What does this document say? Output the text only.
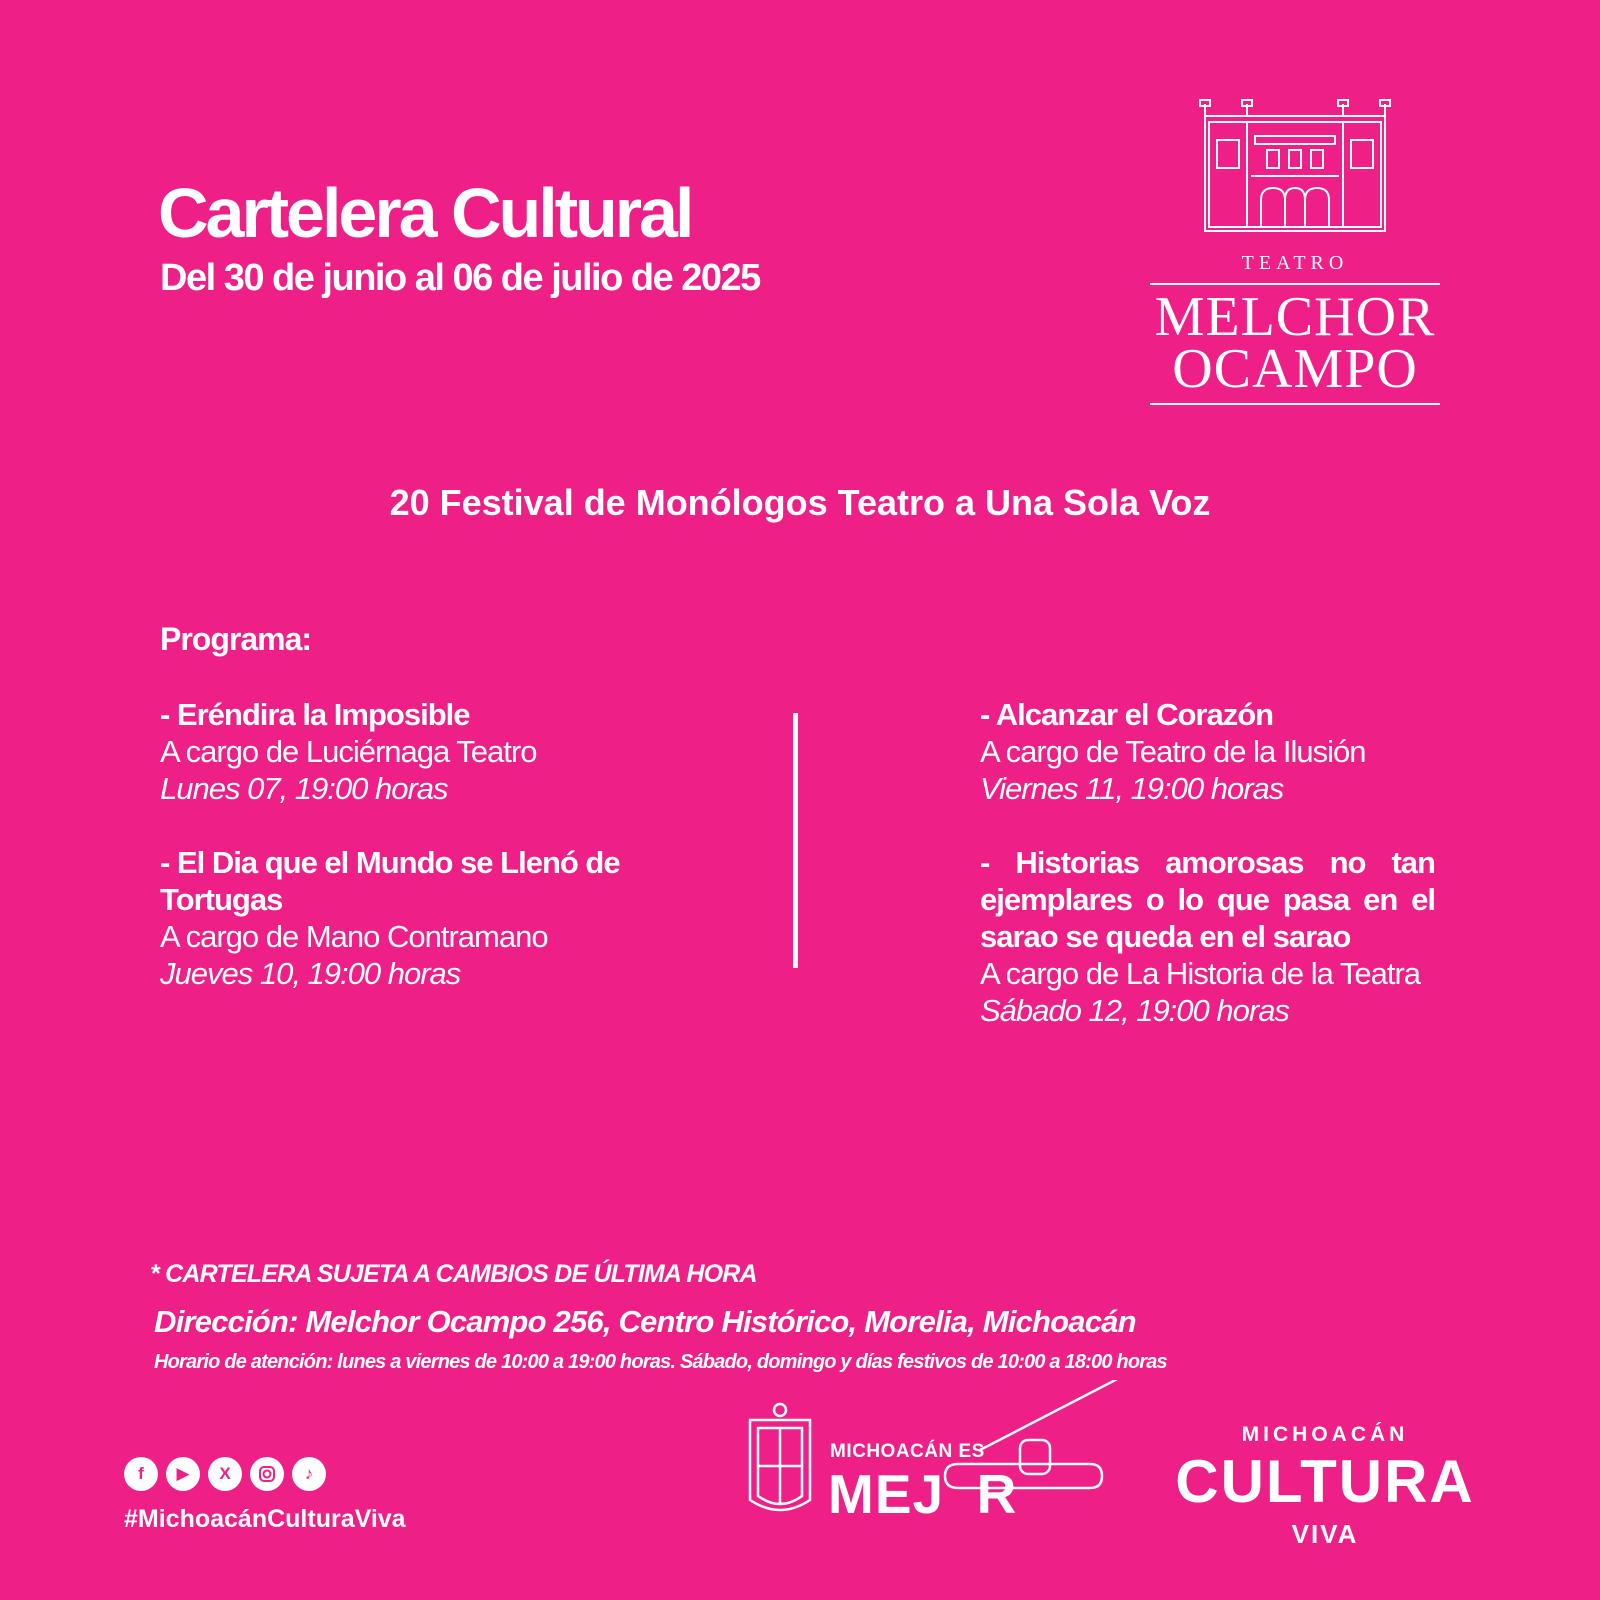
Cartelera Cultural
Del 30 de junio al 06 de julio de 2025	TEATRO
MELCHOR
OCAMPO
20 Festival de Monólogos Teatro a Una Sola Voz
Programa:
- Eréndira la Imposible
A cargo de Luciérnaga Teatro
Lunes 07, 19:00 horas
- El Dia que el Mundo se Llenó de Tortugas
A cargo de Mano Contramano
Jueves 10, 19:00 horas
- Alcanzar el Corazón
A cargo de Teatro de la Ilusión
Viernes 11, 19:00 horas
- Historias amorosas no tan ejemplares o lo que pasa en el sarao se queda en el sarao
A cargo de La Historia de la Teatra
Sábado 12, 19:00 horas
* CARTELERA SUJETA A CAMBIOS DE ÚLTIMA HORA
Dirección: Melchor Ocampo 256, Centro Histórico, Morelia, Michoacán
Horario de atención: lunes a viernes de 10:00 a 19:00 horas. Sábado, domingo y días festivos de 10:00 a 18:00 horas
f	▶	X	♪
#MichoacánCulturaViva
MICHOACÁN ES
MEJ  R
MICHOACÁN
CULTURA
VIVA
